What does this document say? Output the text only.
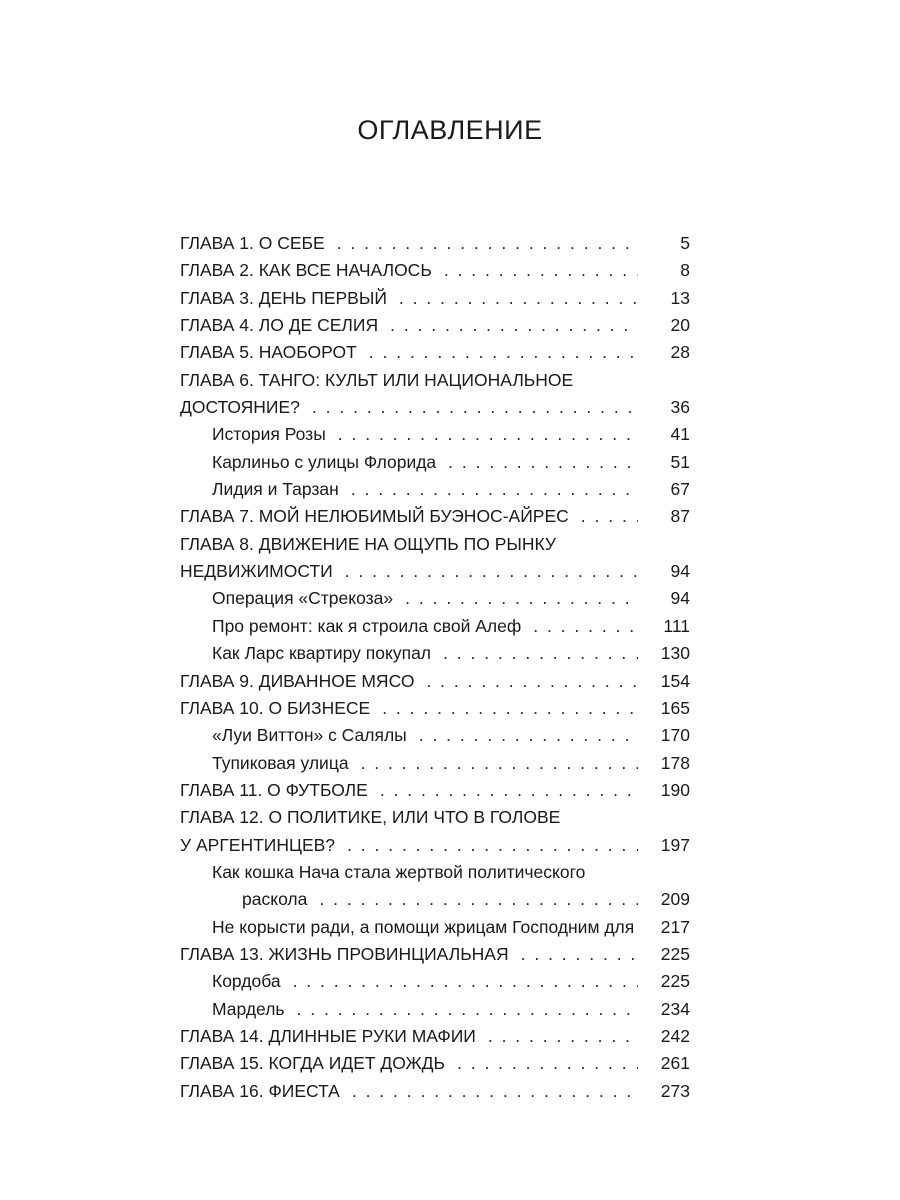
ОГЛАВЛЕНИЕ
ГЛАВА 1. О СЕБЕ . . .	5
ГЛАВА 2. КАК ВСЕ НАЧАЛОСЬ . . .	8
ГЛАВА 3. ДЕНЬ ПЕРВЫЙ . . .	13
ГЛАВА 4. ЛО ДЕ СЕЛИЯ . . .	20
ГЛАВА 5. НАОБОРОТ . . .	28
ГЛАВА 6. ТАНГО: КУЛЬТ ИЛИ НАЦИОНАЛЬНОЕ
ДОСТОЯНИЕ? . . .	36
История Розы . . .	41
Карлиньо с улицы Флорида . . .	51
Лидия и Тарзан . . .	67
ГЛАВА 7. МОЙ НЕЛЮБИМЫЙ БУЭНОС-АЙРЕС . . .	87
ГЛАВА 8. ДВИЖЕНИЕ НА ОЩУПЬ ПО РЫНКУ
НЕДВИЖИМОСТИ . . .	94
Операция «Стрекоза» . . .	94
Про ремонт: как я строила свой Алеф . . .	111
Как Ларс квартиру покупал . . .	130
ГЛАВА 9. ДИВАННОЕ МЯСО . . .	154
ГЛАВА 10. О БИЗНЕСЕ . . .	165
«Луи Виттон» с Салялы . . .	170
Тупиковая улица . . .	178
ГЛАВА 11. О ФУТБОЛЕ . . .	190
ГЛАВА 12. О ПОЛИТИКЕ, ИЛИ ЧТО В ГОЛОВЕ
У АРГЕНТИНЦЕВ? . . .	197
Как кошка Нача стала жертвой политического
раскола . . .	209
Не корысти ради, а помощи жрицам Господним для 217
ГЛАВА 13. ЖИЗНЬ ПРОВИНЦИАЛЬНАЯ . . .	225
Кордоба . . .	225
Мардель . . .	234
ГЛАВА 14. ДЛИННЫЕ РУКИ МАФИИ . . .	242
ГЛАВА 15. КОГДА ИДЕТ ДОЖДЬ . . .	261
ГЛАВА 16. ФИЕСТА . . .	273
